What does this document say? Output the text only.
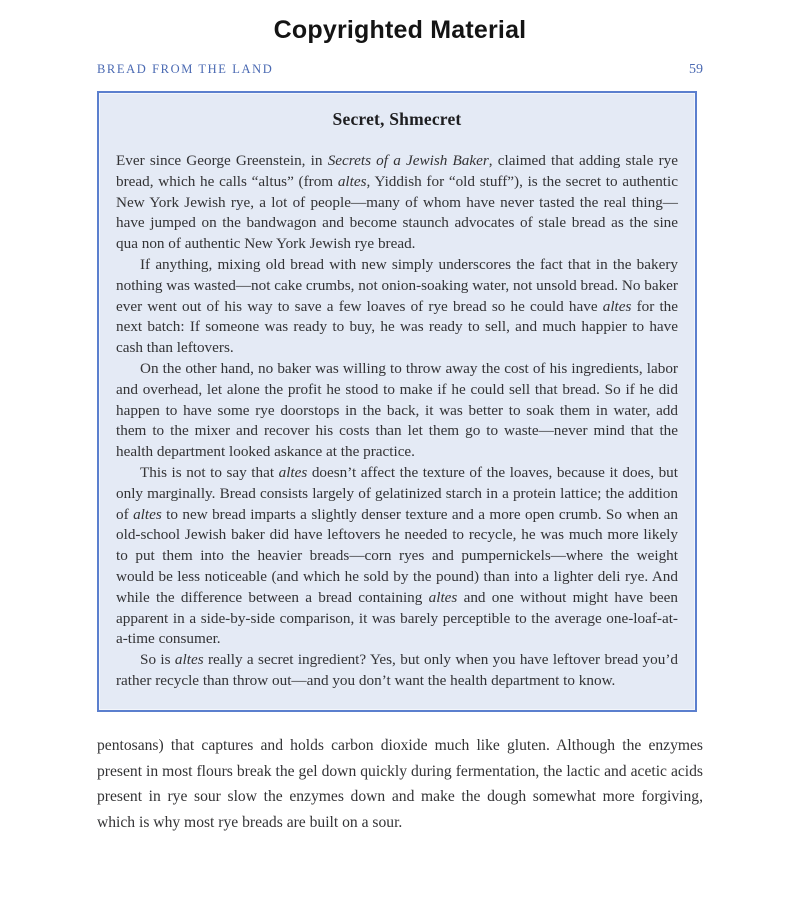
Copyrighted Material
BREAD FROM THE LAND	59
Secret, Shmecret

Ever since George Greenstein, in Secrets of a Jewish Baker, claimed that adding stale rye bread, which he calls “altus” (from altes, Yiddish for “old stuff”), is the secret to authentic New York Jewish rye, a lot of people—many of whom have never tasted the real thing—have jumped on the bandwagon and become staunch advocates of stale bread as the sine qua non of authentic New York Jewish rye bread.

If anything, mixing old bread with new simply underscores the fact that in the bakery nothing was wasted—not cake crumbs, not onion-soaking water, not unsold bread. No baker ever went out of his way to save a few loaves of rye bread so he could have altes for the next batch: If someone was ready to buy, he was ready to sell, and much happier to have cash than leftovers.

On the other hand, no baker was willing to throw away the cost of his ingredients, labor and overhead, let alone the profit he stood to make if he could sell that bread. So if he did happen to have some rye doorstops in the back, it was better to soak them in water, add them to the mixer and recover his costs than let them go to waste—never mind that the health department looked askance at the practice.

This is not to say that altes doesn’t affect the texture of the loaves, because it does, but only marginally. Bread consists largely of gelatinized starch in a protein lattice; the addition of altes to new bread imparts a slightly denser texture and a more open crumb. So when an old-school Jewish baker did have leftovers he needed to recycle, he was much more likely to put them into the heavier breads—corn ryes and pumpernickels—where the weight would be less noticeable (and which he sold by the pound) than into a lighter deli rye. And while the difference between a bread containing altes and one without might have been apparent in a side-by-side comparison, it was barely perceptible to the average one-loaf-at-a-time consumer.

So is altes really a secret ingredient? Yes, but only when you have leftover bread you’d rather recycle than throw out—and you don’t want the health department to know.

pentosans) that captures and holds carbon dioxide much like gluten. Although the enzymes present in most flours break the gel down quickly during fermentation, the lactic and acetic acids present in rye sour slow the enzymes down and make the dough somewhat more forgiving, which is why most rye breads are built on a sour.
